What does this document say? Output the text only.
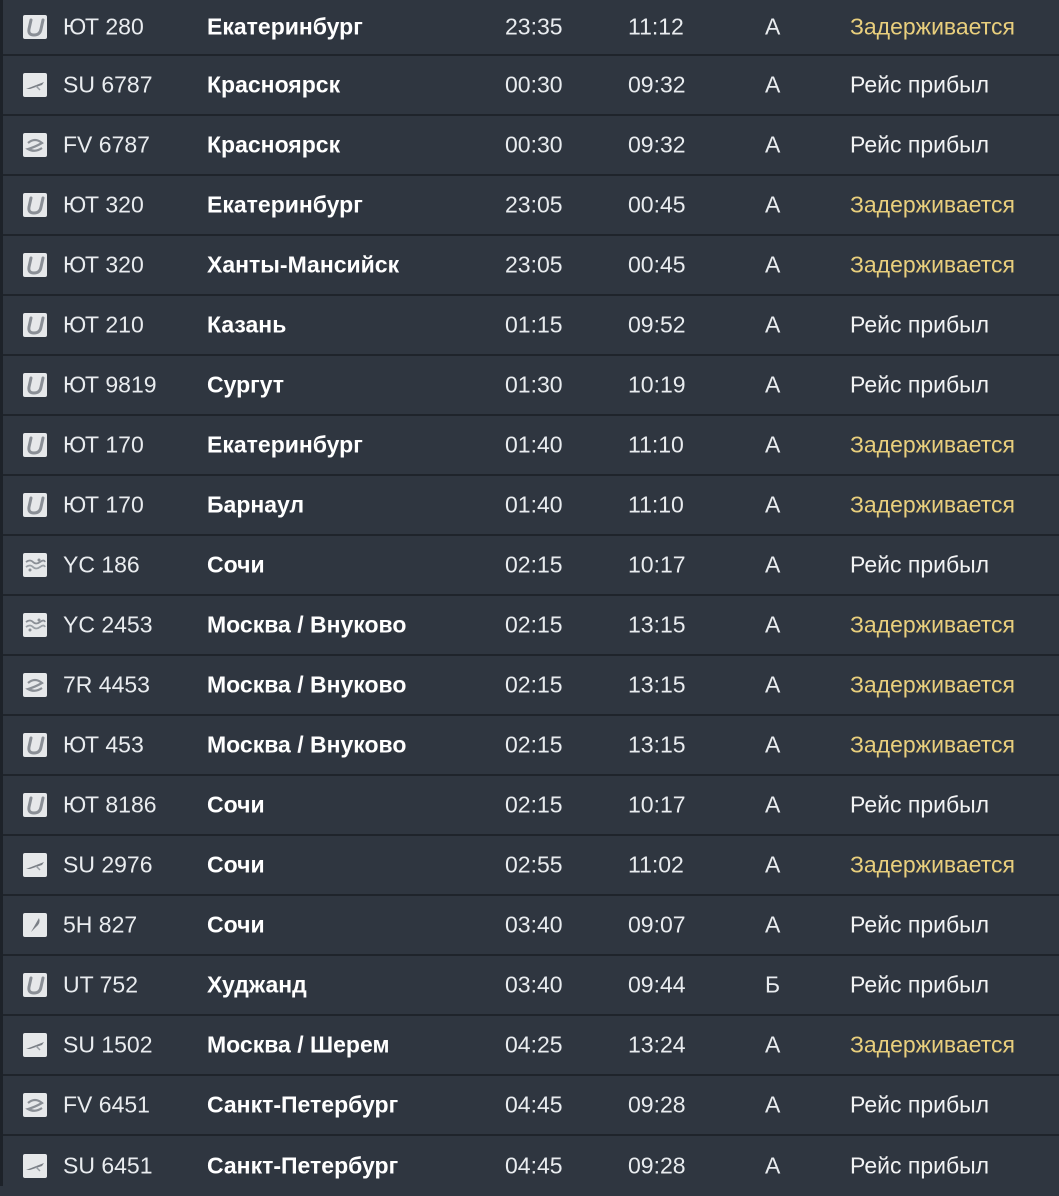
ЮТ 280	Екатеринбург	23:35	11:12	А	Задерживается
SU 6787 Красноярск	00:30	09:32	А	Рейс прибыл
FV 6787 Красноярск	00:30	09:32	А	Рейс прибыл
ЮТ 320	Екатеринбург	23:05	00:45	А	Задерживается
ЮТ 320	Ханты-Мансийск	23:05	00:45	А	Задерживается
ЮТ 210	Казань	01:15	09:52	А	Рейс прибыл
ЮТ 9819 Сургут	01:30	10:19	А	Рейс прибыл
ЮТ 170	Екатеринбург	01:40	11:10	А	Задерживается
ЮТ 170	Барнаул	01:40	11:10	А	Задерживается
YC 186	Сочи	02:15	10:17	А	Рейс прибыл
YC 2453 Москва / Внуково	02:15	13:15	А	Задерживается
7R 4453 Москва / Внуково	02:15	13:15	А	Задерживается
ЮТ 453	Москва / Внуково	02:15	13:15	А	Задерживается
ЮТ 8186 Сочи	02:15	10:17	А	Рейс прибыл
SU 2976 Сочи	02:55	11:02	А	Задерживается
5Н 827	Сочи	03:40	09:07	А	Рейс прибыл
UT 752	Худжанд	03:40	09:44	Б	Рейс прибыл
SU 1502 Москва / Шерем	04:25	13:24	А	Задерживается
FV 6451 Санкт-Петербург	04:45	09:28	А	Рейс прибыл
SU 6451 Санкт-Петербург	04:45	09:28	А	Рейс прибыл
